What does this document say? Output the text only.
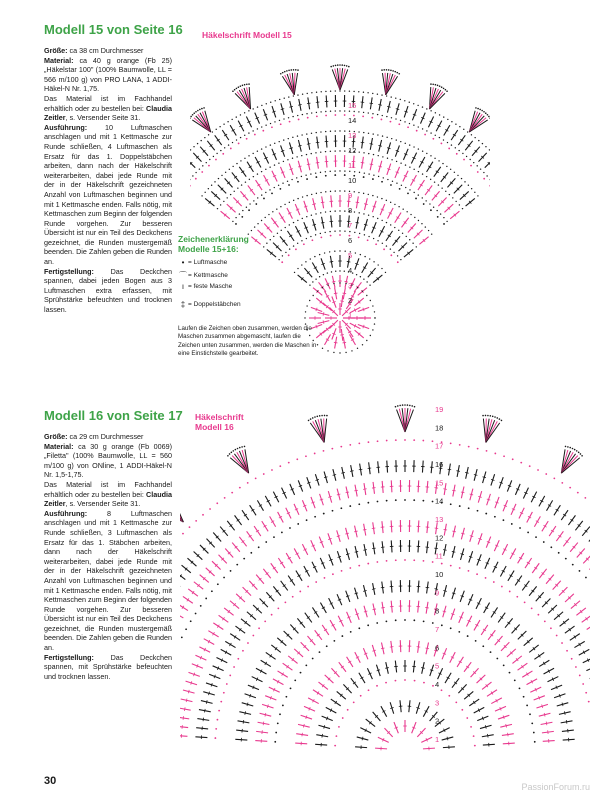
Modell 15 von Seite 16

Größe: ca 38 cm Durchmesser

Material: ca 40 g orange (Fb 25) „Häkelstar 100" (100% Baumwolle, LL = 566 m/100 g) von PRO LANA, 1 ADDI-Häkel-N Nr. 1,75.

Das Material ist im Fachhandel erhältlich oder zu bestellen bei: Claudia Zeitler, s. Versender Seite 31.

Ausführung: 10 Luftmaschen anschlagen und mit 1 Kettmasche zur Runde schließen, 4 Luftmaschen als Ersatz für das 1. Doppelstäbchen arbeiten, dann nach der Häkelschrift weiterarbeiten, dabei jede Runde mit der in der Häkelschrift gezeichneten Anzahl von Luftmaschen beginnen und mit 1 Kettmasche enden. Falls nötig, mit Kettmaschen zum Beginn der folgenden Runde vorgehen. Zur besseren Übersicht ist nur ein Teil des Deckchens gezeichnet, die Runden mustergemäß beenden. Die Zahlen geben die Runden an.

Fertigstellung: Das Deckchen spannen, dabei jeden Bogen aus 3 Luftmaschen extra erfassen, mit Sprühstärke befeuchten und trocknen lassen.

Häkelschrift Modell 15
15
14
13
12
11
10
9
8
7
6
5
4
3
2
1
Zeichenerklärung Modelle 15+16:
• = Luftmasche
⌒ = Kettmasche
ı = feste Masche
‡ = Doppelstäbchen
Laufen die Zeichen oben zusammen, werden die Maschen zusammen abgemascht, laufen die Zeichen unten zusammen, werden die Maschen in eine Einstichstelle gearbeitet.
Modell 16 von Seite 17

Größe: ca 29 cm Durchmesser

Material: ca 30 g orange (Fb 0069) „Filetta" (100% Baumwolle, LL = 560 m/100 g) von ONline, 1 ADDI-Häkel-N Nr. 1,5-1,75.

Das Material ist im Fachhandel erhältlich oder zu bestellen bei: Claudia Zeitler, s. Versender Seite 31.

Ausführung: 8 Luftmaschen anschlagen und mit 1 Kettmasche zur Runde schließen, 3 Luftmaschen als Ersatz für das 1. Stäbchen arbeiten, dann nach der Häkelschrift weiterarbeiten, dabei jede Runde mit der in der Häkelschrift gezeichneten Anzahl von Luftmaschen beginnen und mit 1 Kettmasche enden. Falls nötig, mit Kettmaschen zum Beginn der folgenden Runde vorgehen. Zur besseren Übersicht ist nur ein Teil des Deckchens gezeichnet, die Runden mustergemäß beenden. Die Zahlen geben die Runden an.

Fertigstellung: Das Deckchen spannen, mit Sprühstärke befeuchten und trocknen lassen.

Häkelschrift
Modell 16
19
18
17
16
15
14
13
12
11
10
9
8
7
6
5
4
3
2
1
30	PassionForum.ru
